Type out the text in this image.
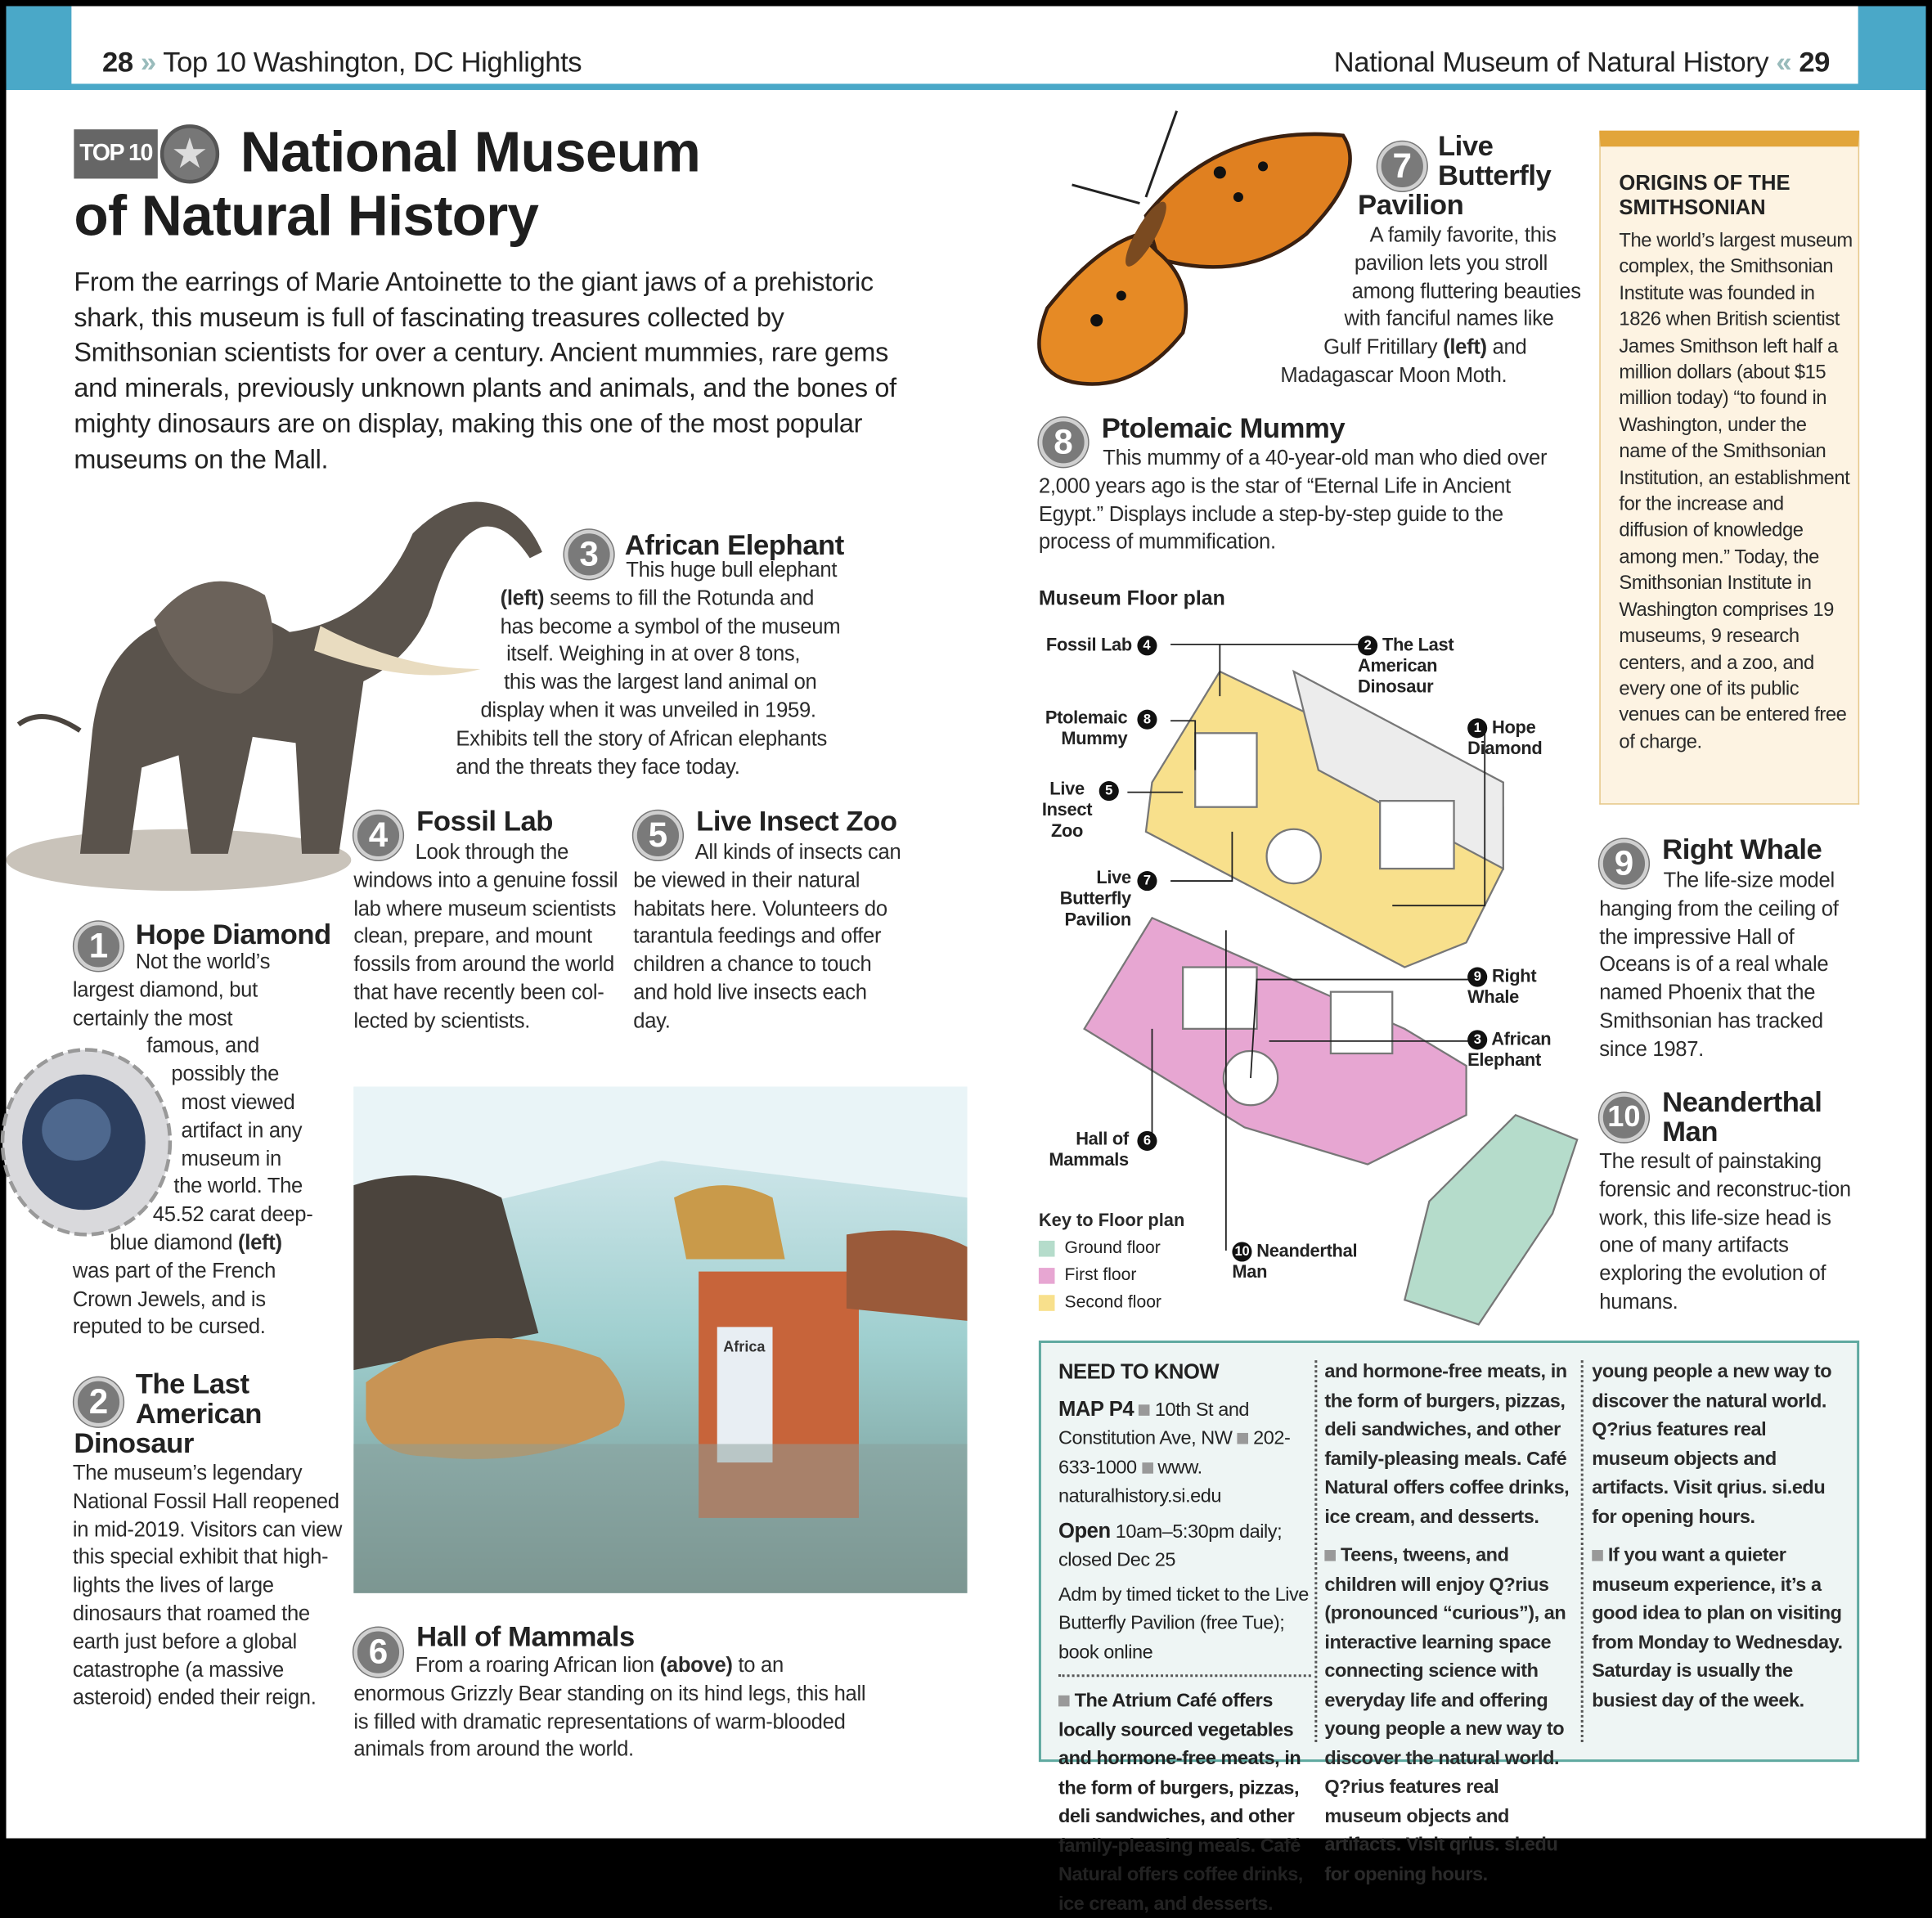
28 » Top 10 Washington, DC Highlights	National Museum of Natural History « 29
TOP 10 ★ National Museum
of Natural History

From the earrings of Marie Antoinette to the giant jaws of a prehistoric shark, this museum is full of fascinating treasures collected by Smithsonian scientists for over a century. Ancient mummies, rare gems and minerals, previously unknown plants and animals, and the bones of mighty dinosaurs are on display, making this one of the most popular museums on the Mall.

3	African Elephant
This huge bull elephant
(left) seems to fill the Rotunda and
has become a symbol of the museum
itself. Weighing in at over 8 tons,
this was the largest land animal on
display when it was unveiled in 1959.
Exhibits tell the story of African elephants
and the threats they face today.
4	Fossil Lab
Look through the windows into a genuine fossil lab where museum scientists clean, prepare, and mount fossils from around the world that have recently been col-lected by scientists.
5	Live Insect Zoo
All kinds of insects can be viewed in their natural habitats here. Volunteers do tarantula feedings and offer children a chance to touch and hold live insects each day.
1	Hope Diamond
Not the world’s
largest diamond, but
certainly the most
famous, and
possibly the
most viewed
artifact in any
museum in
the world. The
45.52 carat deep-
blue diamond (left)
was part of the French
Crown Jewels, and is
reputed to be cursed.
2	The Last
American
Dinosaur
The museum’s legendary National Fossil Hall reopened in mid-2019. Visitors can view this special exhibit that high-lights the lives of large dinosaurs that roamed the earth just before a global catastrophe (a massive asteroid) ended their reign.
Africa
6	Hall of Mammals
From a roaring African lion (above) to an enormous Grizzly Bear standing on its hind legs, this hall is filled with dramatic representations of warm-blooded animals from around the world.
7
Live
Butterfly
Pavilion
A family favorite, this
pavilion lets you stroll
among fluttering beauties
with fanciful names like
Gulf Fritillary (left) and
Madagascar Moon Moth.
8	Ptolemaic Mummy
This mummy of a 40-year-old man who died over 2,000 years ago is the star of “Eternal Life in Ancient Egypt.” Displays include a step-by-step guide to the process of mummification.
Museum Floor plan
Fossil Lab 4	2 The Last American Dinosaur
Ptolemaic Mummy
8
1 Hope Diamond
Live Insect Zoo
5
Live Butterfly Pavilion
7
9 Right Whale
3 African Elephant
Hall of Mammals
6
10 Neanderthal Man
Key to Floor plan
Ground floor
First floor
Second floor
ORIGINS OF THE SMITHSONIAN
The world’s largest museum complex, the Smithsonian Institute was founded in 1826 when British scientist James Smithson left half a million dollars (about $15 million today) “to found in Washington, under the name of the Smithsonian Institution, an establishment for the increase and diffusion of knowledge among men.” Today, the Smithsonian Institute in Washington comprises 19 museums, 9 research centers, and a zoo, and every one of its public venues can be entered free of charge.
9	Right Whale
The life-size model hanging from the ceiling of the impressive Hall of Oceans is of a real whale named Phoenix that the Smithsonian has tracked since 1987.
10	Neanderthal
Man
The result of painstaking forensic and reconstruc-tion work, this life-size head is one of many artifacts exploring the evolution of humans.
NEED TO KNOW
MAP P4 10th St and Constitution Ave, NW 202-633-1000 www. naturalhistory.si.edu
Open 10am–5:30pm daily; closed Dec 25
Adm by timed ticket to the Live Butterfly Pavilion (free Tue); book online
The Atrium Café offers locally sourced vegetables and hormone-free meats, in the form of burgers, pizzas, deli sandwiches, and other family-pleasing meals. Café Natural offers coffee drinks, ice cream, and desserts.
and hormone-free meats, in the form of burgers, pizzas, deli sandwiches, and other family-pleasing meals. Café Natural offers coffee drinks, ice cream, and desserts.
Teens, tweens, and children will enjoy Q?rius (pronounced “curious”), an interactive learning space connecting science with everyday life and offering young people a new way to discover the natural world. Q?rius features real museum objects and artifacts. Visit qrius. si.edu for opening hours.
young people a new way to discover the natural world. Q?rius features real museum objects and artifacts. Visit qrius. si.edu for opening hours.
If you want a quieter museum experience, it’s a good idea to plan on visiting from Monday to Wednesday. Saturday is usually the busiest day of the week.
